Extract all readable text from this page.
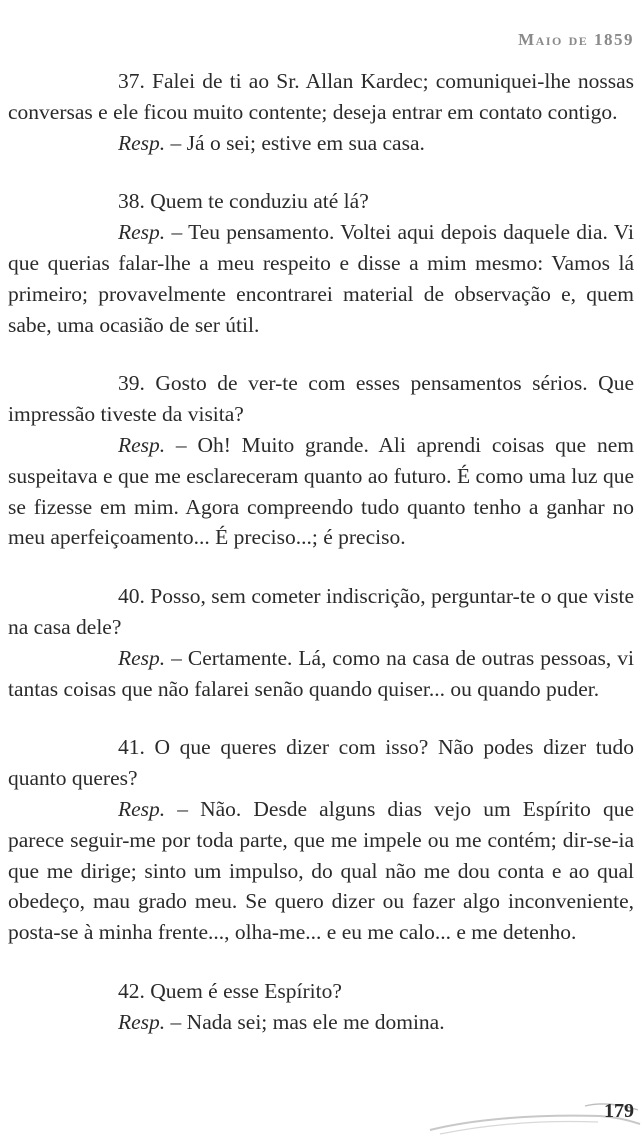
Maio de 1859

37. Falei de ti ao Sr. Allan Kardec; comuniquei-lhe nossas conversas e ele ficou muito contente; deseja entrar em contato contigo.

Resp. – Já o sei; estive em sua casa.

38. Quem te conduziu até lá?

Resp. – Teu pensamento. Voltei aqui depois daquele dia. Vi que querias falar-lhe a meu respeito e disse a mim mesmo: Vamos lá primeiro; provavelmente encontrarei material de observação e, quem sabe, uma ocasião de ser útil.

39. Gosto de ver-te com esses pensamentos sérios. Que impressão tiveste da visita?

Resp. – Oh! Muito grande. Ali aprendi coisas que nem suspeitava e que me esclareceram quanto ao futuro. É como uma luz que se fizesse em mim. Agora compreendo tudo quanto tenho a ganhar no meu aperfeiçoamento... É preciso...; é preciso.

40. Posso, sem cometer indiscrição, perguntar-te o que viste na casa dele?

Resp. – Certamente. Lá, como na casa de outras pessoas, vi tantas coisas que não falarei senão quando quiser... ou quando puder.

41. O que queres dizer com isso? Não podes dizer tudo quanto queres?

Resp. – Não. Desde alguns dias vejo um Espírito que parece seguir-me por toda parte, que me impele ou me contém; dir-se-ia que me dirige; sinto um impulso, do qual não me dou conta e ao qual obedeço, mau grado meu. Se quero dizer ou fazer algo inconveniente, posta-se à minha frente..., olha-me... e eu me calo... e me detenho.

42. Quem é esse Espírito?

Resp. – Nada sei; mas ele me domina.

179
